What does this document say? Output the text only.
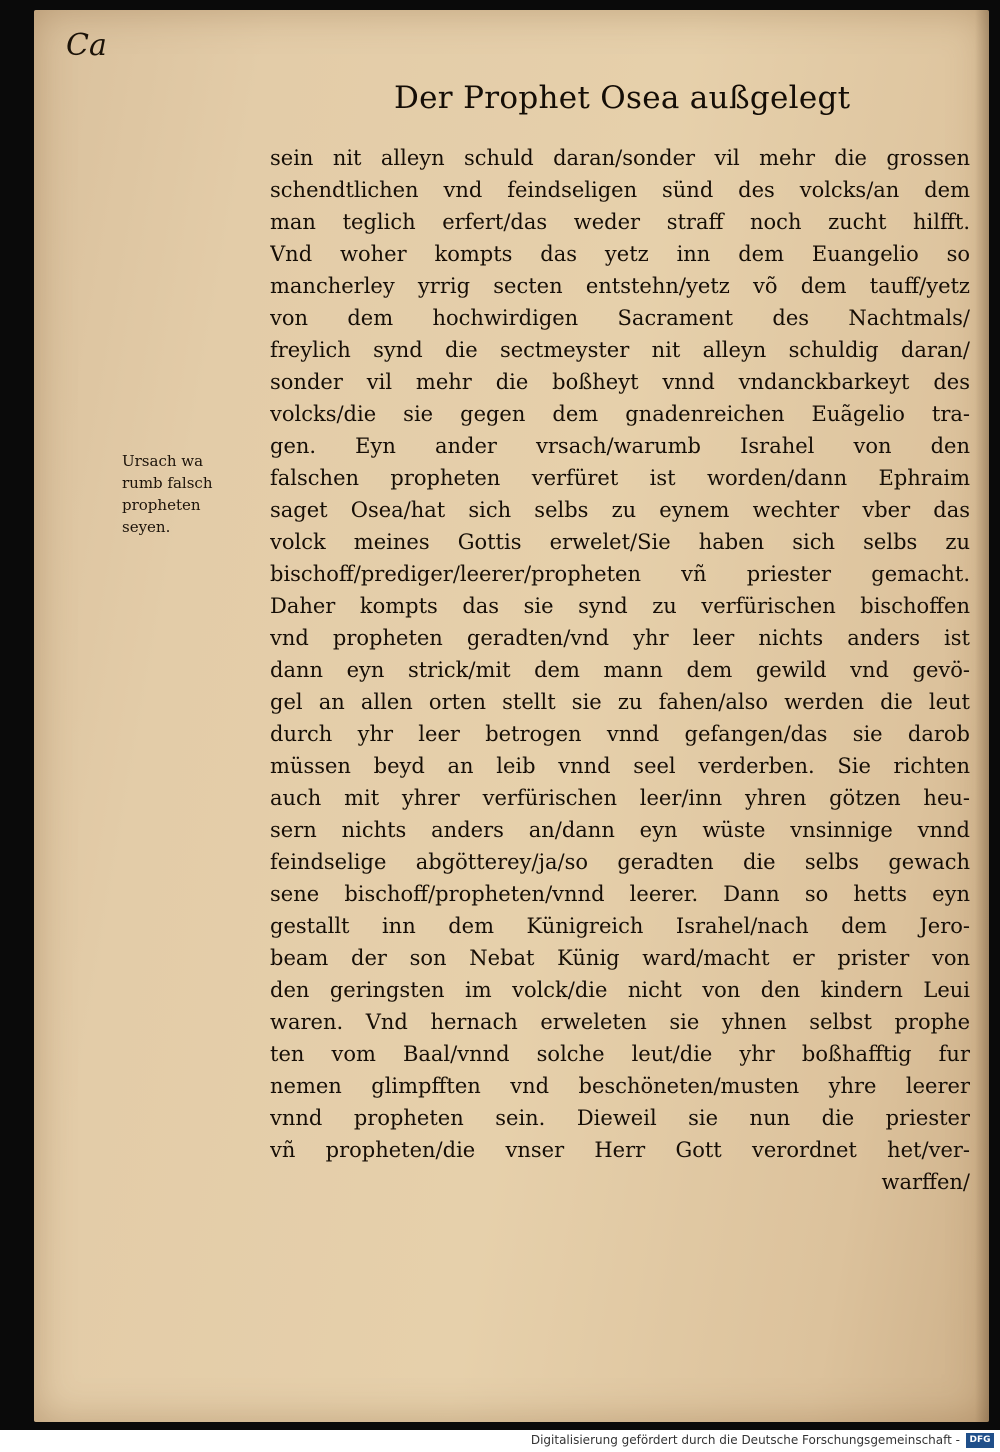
Ca
Der Prophet Osea außgelegt
Ursach wa
rumb falsch
propheten
seyen.
sein nit alleyn schuld daran/sonder vil mehr die grossen
schendtlichen vnd feindseligen sünd des volcks/an dem
man teglich erfert/das weder straff noch zucht hilfft.
Vnd woher kompts das yetz inn dem Euangelio so
mancherley yrrig secten entstehn/yetz võ dem tauff/yetz
von dem hochwirdigen Sacrament des Nachtmals/
freylich synd die sectmeyster nit alleyn schuldig daran/
sonder vil mehr die boßheyt vnnd vndanckbarkeyt des
volcks/die sie gegen dem gnadenreichen Euãgelio tra-
gen. Eyn ander vrsach/warumb Israhel von den
falschen propheten verfüret ist worden/dann Ephraim
saget Osea/hat sich selbs zu eynem wechter vber das
volck meines Gottis erwelet/Sie haben sich selbs zu
bischoff/prediger/leerer/propheten vñ priester gemacht.
Daher kompts das sie synd zu verfürischen bischoffen
vnd propheten geradten/vnd yhr leer nichts anders ist
dann eyn strick/mit dem mann dem gewild vnd gevö-
gel an allen orten stellt sie zu fahen/also werden die leut
durch yhr leer betrogen vnnd gefangen/das sie darob
müssen beyd an leib vnnd seel verderben. Sie richten
auch mit yhrer verfürischen leer/inn yhren götzen heu-
sern nichts anders an/dann eyn wüste vnsinnige vnnd
feindselige abgötterey/ja/so geradten die selbs gewach
sene bischoff/propheten/vnnd leerer. Dann so hetts eyn
gestallt inn dem Künigreich Israhel/nach dem Jero-
beam der son Nebat Künig ward/macht er prister von
den geringsten im volck/die nicht von den kindern Leui
waren. Vnd hernach erweleten sie yhnen selbst prophe
ten vom Baal/vnnd solche leut/die yhr boßhafftig fur
nemen glimpfften vnd beschöneten/musten yhre leerer
vnnd propheten sein. Dieweil sie nun die priester
vñ propheten/die vnser Herr Gott verordnet het/ver-
warffen/
Digitalisierung gefördert durch die Deutsche Forschungsgemeinschaft -	DFG
